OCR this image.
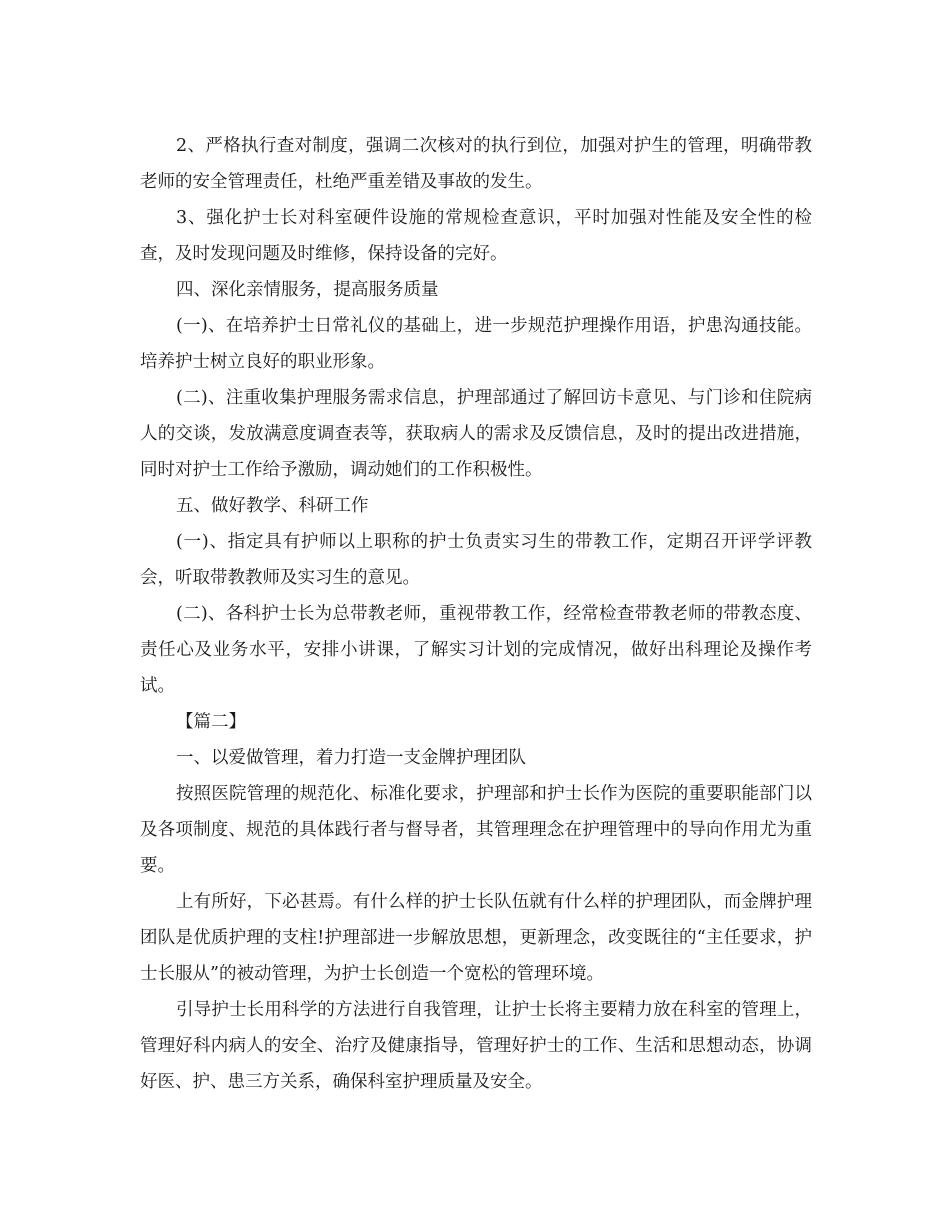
2、严格执行查对制度，强调二次核对的执行到位，加强对护生的管理，明确带教老师的安全管理责任，杜绝严重差错及事故的发生。

3、强化护士长对科室硬件设施的常规检查意识，平时加强对性能及安全性的检查，及时发现问题及时维修，保持设备的完好。

四、深化亲情服务，提高服务质量

(一)、在培养护士日常礼仪的基础上，进一步规范护理操作用语，护患沟通技能。培养护士树立良好的职业形象。

(二)、注重收集护理服务需求信息，护理部通过了解回访卡意见、与门诊和住院病人的交谈，发放满意度调查表等，获取病人的需求及反馈信息，及时的提出改进措施，同时对护士工作给予激励，调动她们的工作积极性。

五、做好教学、科研工作

(一)、指定具有护师以上职称的护士负责实习生的带教工作，定期召开评学评教会，听取带教教师及实习生的意见。

(二)、各科护士长为总带教老师，重视带教工作，经常检查带教老师的带教态度、责任心及业务水平，安排小讲课，了解实习计划的完成情况，做好出科理论及操作考试。

【篇二】

一、以爱做管理，着力打造一支金牌护理团队

按照医院管理的规范化、标准化要求，护理部和护士长作为医院的重要职能部门以及各项制度、规范的具体践行者与督导者，其管理理念在护理管理中的导向作用尤为重要。

上有所好，下必甚焉。有什么样的护士长队伍就有什么样的护理团队，而金牌护理团队是优质护理的支柱!护理部进一步解放思想，更新理念，改变既往的“主任要求，护士长服从”的被动管理，为护士长创造一个宽松的管理环境。

引导护士长用科学的方法进行自我管理，让护士长将主要精力放在科室的管理上，管理好科内病人的安全、治疗及健康指导，管理好护士的工作、生活和思想动态，协调好医、护、患三方关系，确保科室护理质量及安全。
